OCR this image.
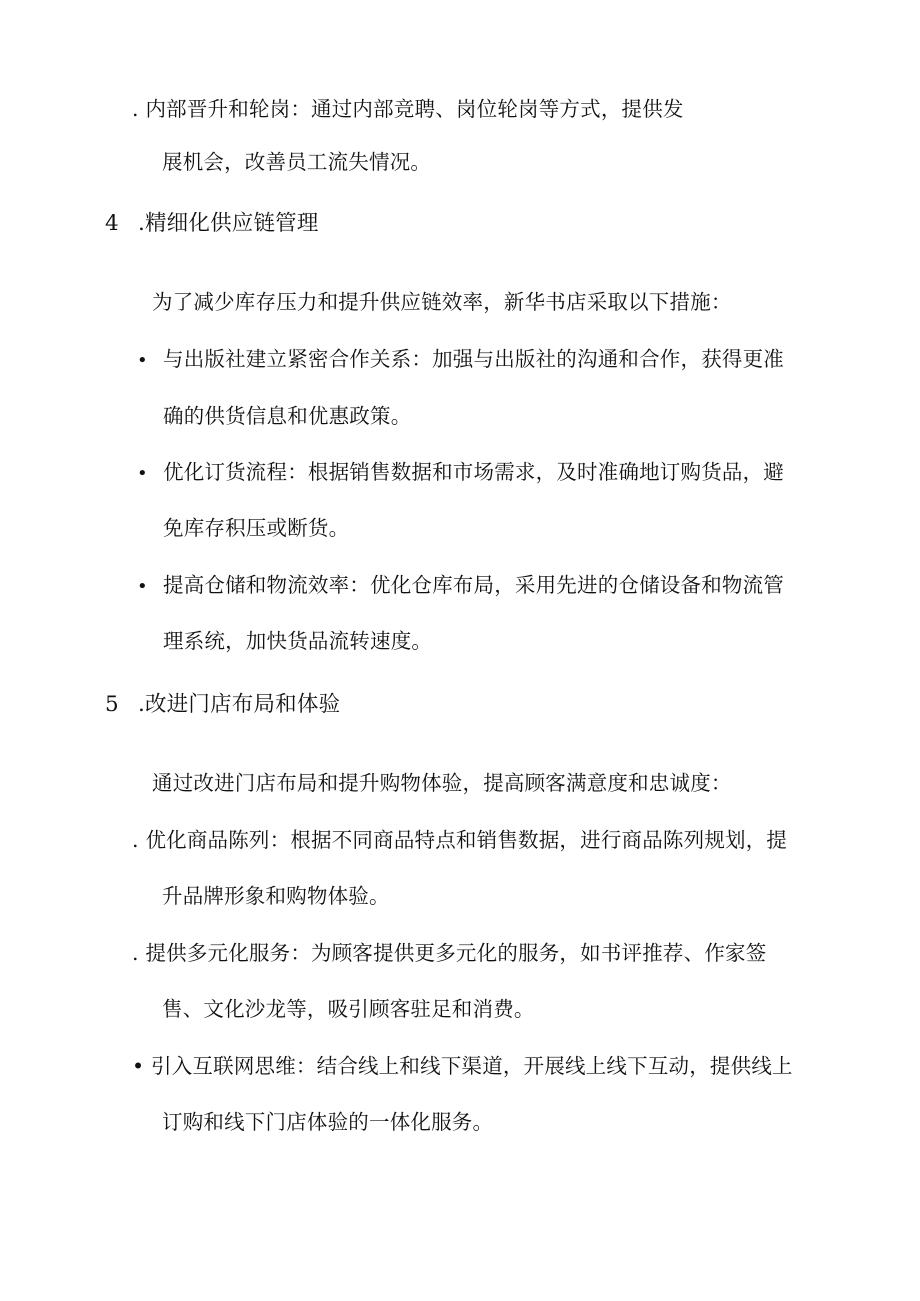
. 内部晋升和轮岗：通过内部竞聘、岗位轮岗等方式，提供发
展机会，改善员工流失情况。
4 .精细化供应链管理
为了减少库存压力和提升供应链效率，新华书店采取以下措施：
• 与出版社建立紧密合作关系：加强与出版社的沟通和合作，获得更准
确的供货信息和优惠政策。
• 优化订货流程：根据销售数据和市场需求，及时准确地订购货品，避
免库存积压或断货。
• 提高仓储和物流效率：优化仓库布局，采用先进的仓储设备和物流管
理系统，加快货品流转速度。
5 .改进门店布局和体验
通过改进门店布局和提升购物体验，提高顾客满意度和忠诚度：
. 优化商品陈列：根据不同商品特点和销售数据，进行商品陈列规划，提
升品牌形象和购物体验。
. 提供多元化服务：为顾客提供更多元化的服务，如书评推荐、作家签
售、文化沙龙等，吸引顾客驻足和消费。
• 引入互联网思维：结合线上和线下渠道，开展线上线下互动，提供线上
订购和线下门店体验的一体化服务。
